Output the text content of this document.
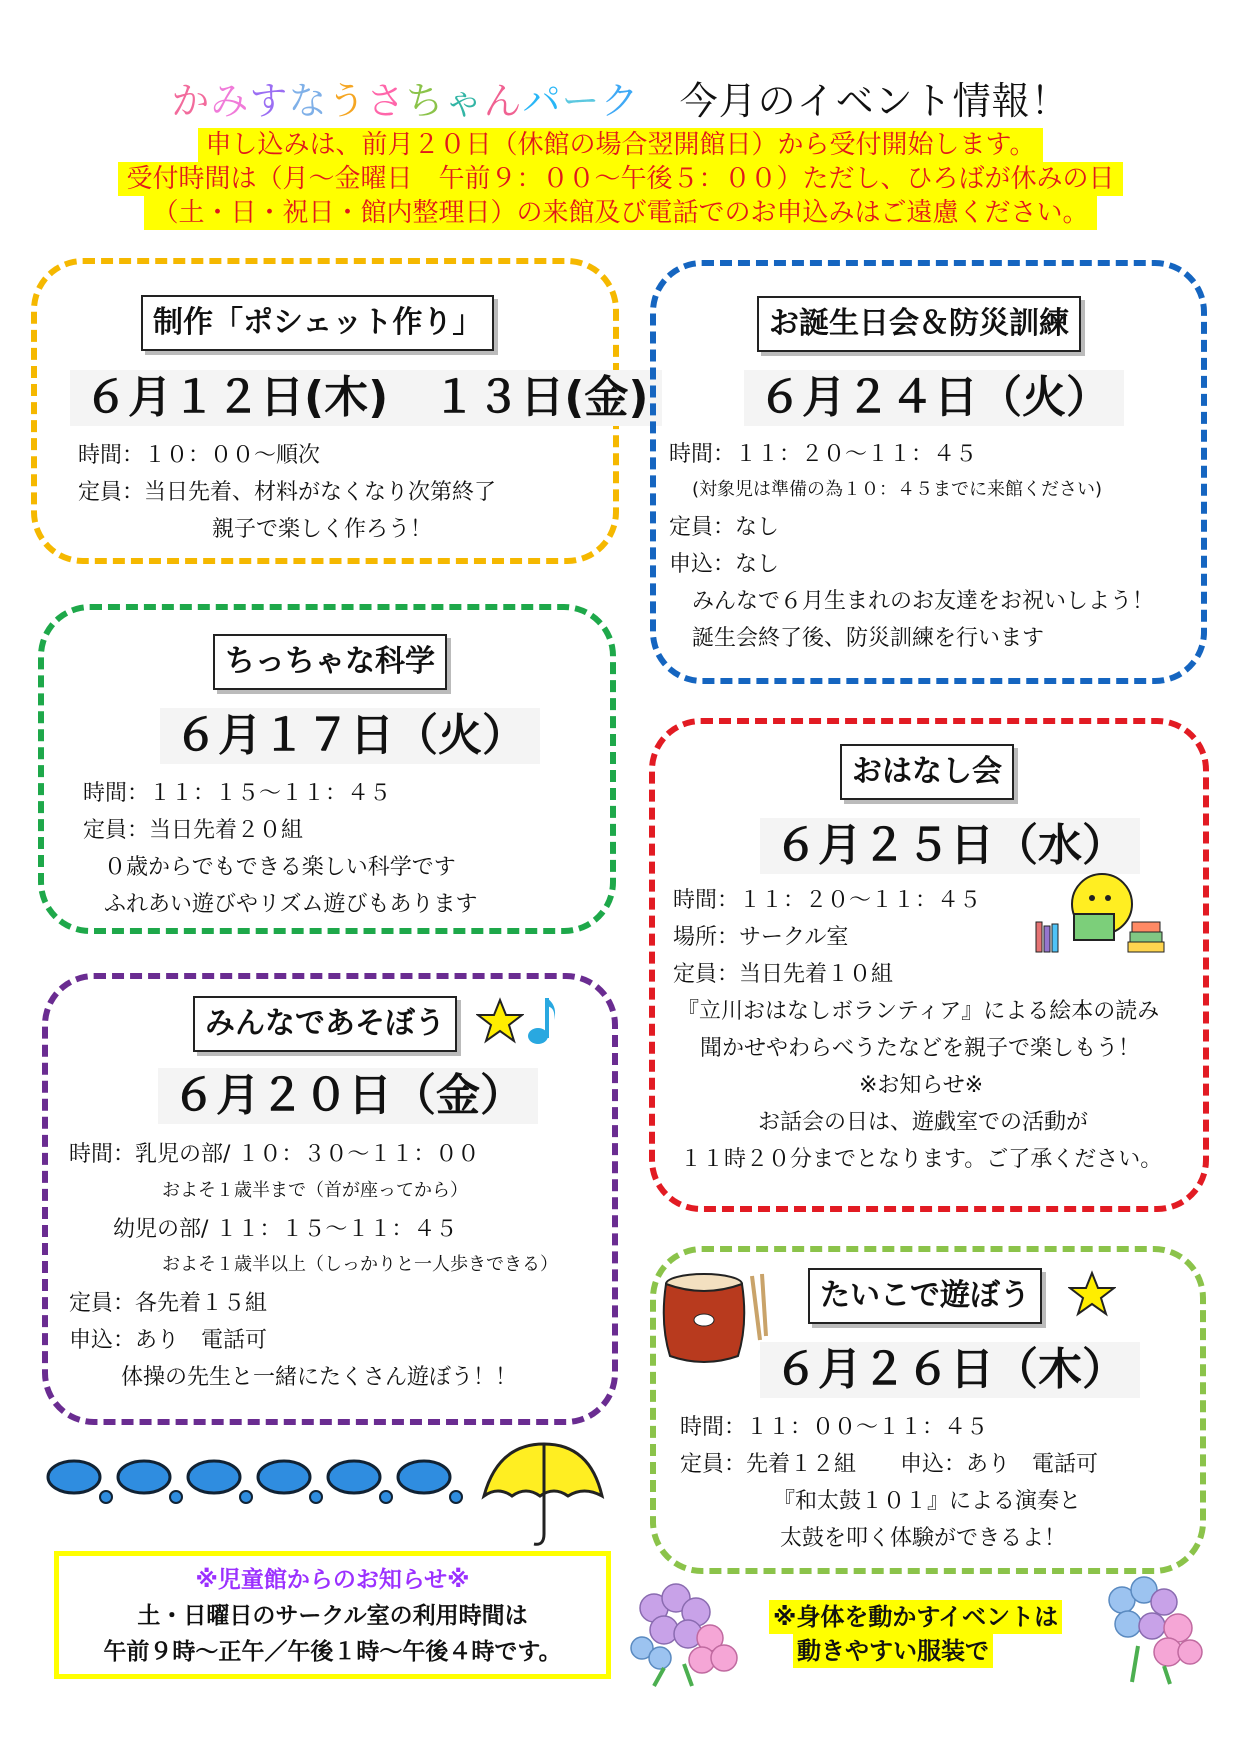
かみすなうさちゃんパーク 今月のイベント情報！
申し込みは、前月２０日（休館の場合翌開館日）から受付開始します。
受付時間は（月～金曜日　午前９：００～午後５：００）ただし、ひろばが休みの日
（土・日・祝日・館内整理日）の来館及び電話でのお申込みはご遠慮ください。
制作「ポシェット作り」
６月１２日(木)　１３日(金)
時間：１０：００～順次
定員：当日先着、材料がなくなり次第終了
親子で楽しく作ろう！
ちっちゃな科学
６月１７日（火）
時間：１１：１５～１１：４５
定員：当日先着２０組
０歳からでもできる楽しい科学です
ふれあい遊びやリズム遊びもあります
みんなであそぼう
６月２０日（金）
時間：乳児の部/ １０：３０～１１：００
およそ１歳半まで（首が座ってから）
幼児の部/ １１：１５～１１：４５
およそ１歳半以上（しっかりと一人歩きできる）
定員：各先着１５組
申込：あり　電話可
体操の先生と一緒にたくさん遊ぼう！！
お誕生日会＆防災訓練
６月２４日（火）
時間：１１：２０～１１：４５
(対象児は準備の為１０：４５までに来館ください)
定員：なし
申込：なし
みんなで６月生まれのお友達をお祝いしよう！
誕生会終了後、防災訓練を行います
おはなし会
６月２５日（水）
時間：１１：２０～１１：４５
場所：サークル室
定員：当日先着１０組
『立川おはなしボランティア』による絵本の読み
聞かせやわらべうたなどを親子で楽しもう！
※お知らせ※
お話会の日は、遊戯室での活動が
１１時２０分までとなります。ご了承ください。
たいこで遊ぼう
６月２６日（木）
時間：１１：００～１１：４５
定員：先着１２組　　申込：あり　電話可
『和太鼓１０１』による演奏と
太鼓を叩く体験ができるよ！
※児童館からのお知らせ※
土・日曜日のサークル室の利用時間は
午前９時～正午／午後１時～午後４時です。
※身体を動かすイベントは
動きやすい服装で
